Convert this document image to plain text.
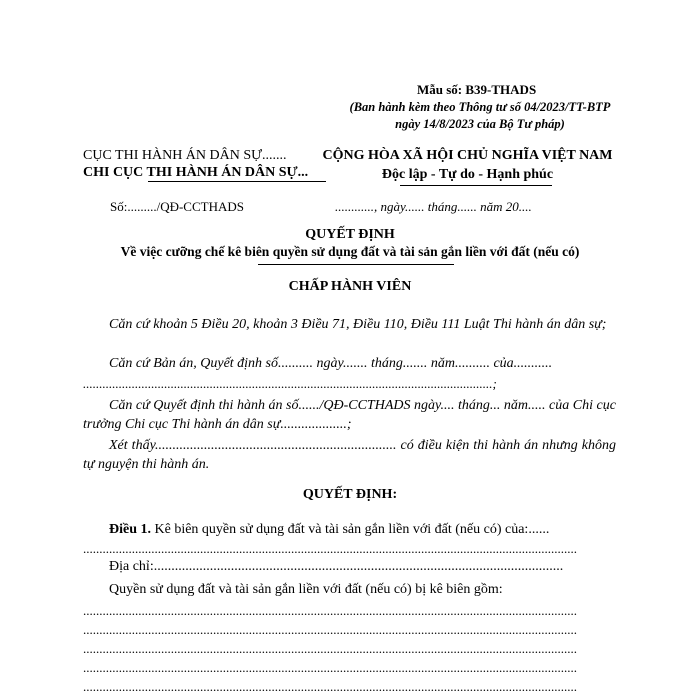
Mẫu số: B39-THADS
(Ban hành kèm theo Thông tư số 04/2023/TT-BTP
ngày 14/8/2023 của Bộ Tư pháp)
CỤC THI HÀNH ÁN DÂN SỰ.......
CHI CỤC THI HÀNH ÁN DÂN SỰ...
CỘNG HÒA XÃ HỘI CHỦ NGHĨA VIỆT NAM
Độc lập - Tự do - Hạnh phúc
Số:........./QĐ-CCTHADS	............, ngày...... tháng...... năm 20....
QUYẾT ĐỊNH
Về việc cưỡng chế kê biên quyền sử dụng đất và tài sản gắn liền với đất (nếu có)
CHẤP HÀNH VIÊN
Căn cứ khoản 5 Điều 20, khoản 3 Điều 71, Điều 110, Điều 111 Luật Thi hành án dân sự;
Căn cứ Bản án, Quyết định số.......... ngày....... tháng....... năm.......... của...........
..............................................................................................................................;
Căn cứ Quyết định thi hành án số....../QĐ-CCTHADS ngày.... tháng... năm..... của Chi cục trưởng Chi cục Thi hành án dân sự...................;
Xét thấy..................................................................... có điều kiện thi hành án nhưng không tự nguyện thi hành án.
QUYẾT ĐỊNH:
Điều 1. Kê biên quyền sử dụng đất và tài sản gắn liền với đất (nếu có) của:......
........................................................................................................................................................
Địa chỉ:.....................................................................................................................
Quyền sử dụng đất và tài sản gắn liền với đất (nếu có) bị kê biên gồm:
........................................................................................................................................................
........................................................................................................................................................
........................................................................................................................................................
........................................................................................................................................................
........................................................................................................................................................
